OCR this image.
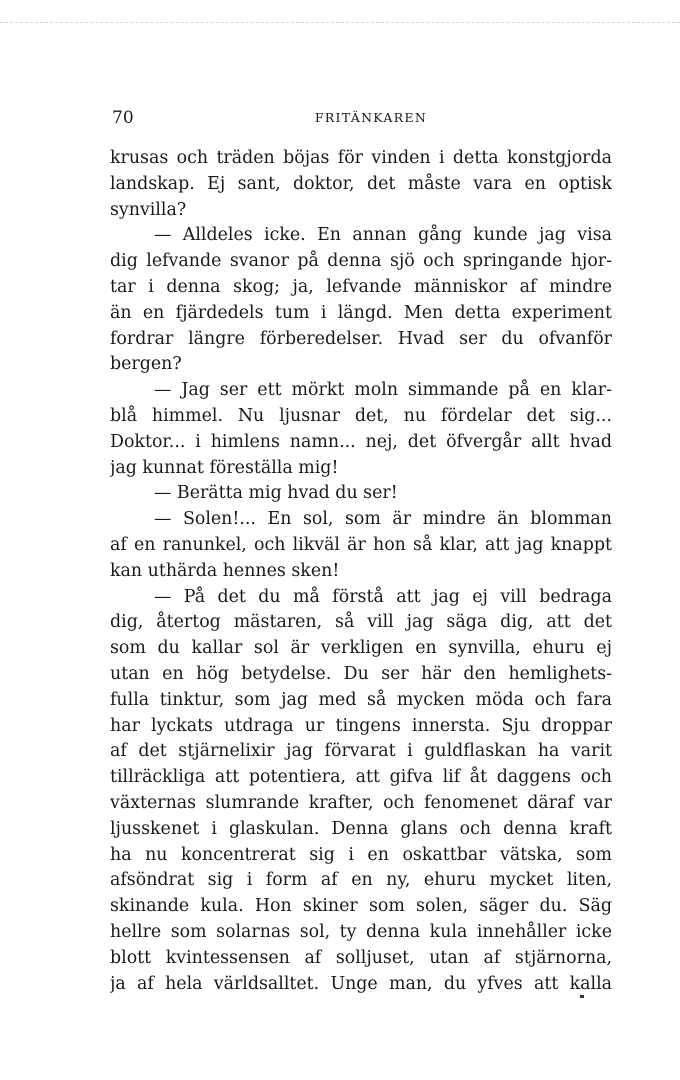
70	FRITÄNKAREN
krusas och träden böjas för vinden i detta konstgjorda
landskap. Ej sant, doktor, det måste vara en optisk
synvilla?
— Alldeles icke. En annan gång kunde jag visa
dig lefvande svanor på denna sjö och springande hjor-
tar i denna skog; ja, lefvande människor af mindre
än en fjärdedels tum i längd. Men detta experiment
fordrar längre förberedelser. Hvad ser du ofvanför
bergen?
— Jag ser ett mörkt moln simmande på en klar-
blå himmel. Nu ljusnar det, nu fördelar det sig...
Doktor... i himlens namn... nej, det öfvergår allt hvad
jag kunnat föreställa mig!
— Berätta mig hvad du ser!
— Solen!... En sol, som är mindre än blomman
af en ranunkel, och likväl är hon så klar, att jag knappt
kan uthärda hennes sken!
— På det du må förstå att jag ej vill bedraga
dig, återtog mästaren, så vill jag säga dig, att det
som du kallar sol är verkligen en synvilla, ehuru ej
utan en hög betydelse. Du ser här den hemlighets-
fulla tinktur, som jag med så mycken möda och fara
har lyckats utdraga ur tingens innersta. Sju droppar
af det stjärnelixir jag förvarat i guldflaskan ha varit
tillräckliga att potentiera, att gifva lif åt daggens och
växternas slumrande krafter, och fenomenet däraf var
ljusskenet i glaskulan. Denna glans och denna kraft
ha nu koncentrerat sig i en oskattbar vätska, som
afsöndrat sig i form af en ny, ehuru mycket liten,
skinande kula. Hon skiner som solen, säger du. Säg
hellre som solarnas sol, ty denna kula innehåller icke
blott kvintessensen af solljuset, utan af stjärnorna,
ja af hela världsalltet. Unge man, du yfves att kalla
